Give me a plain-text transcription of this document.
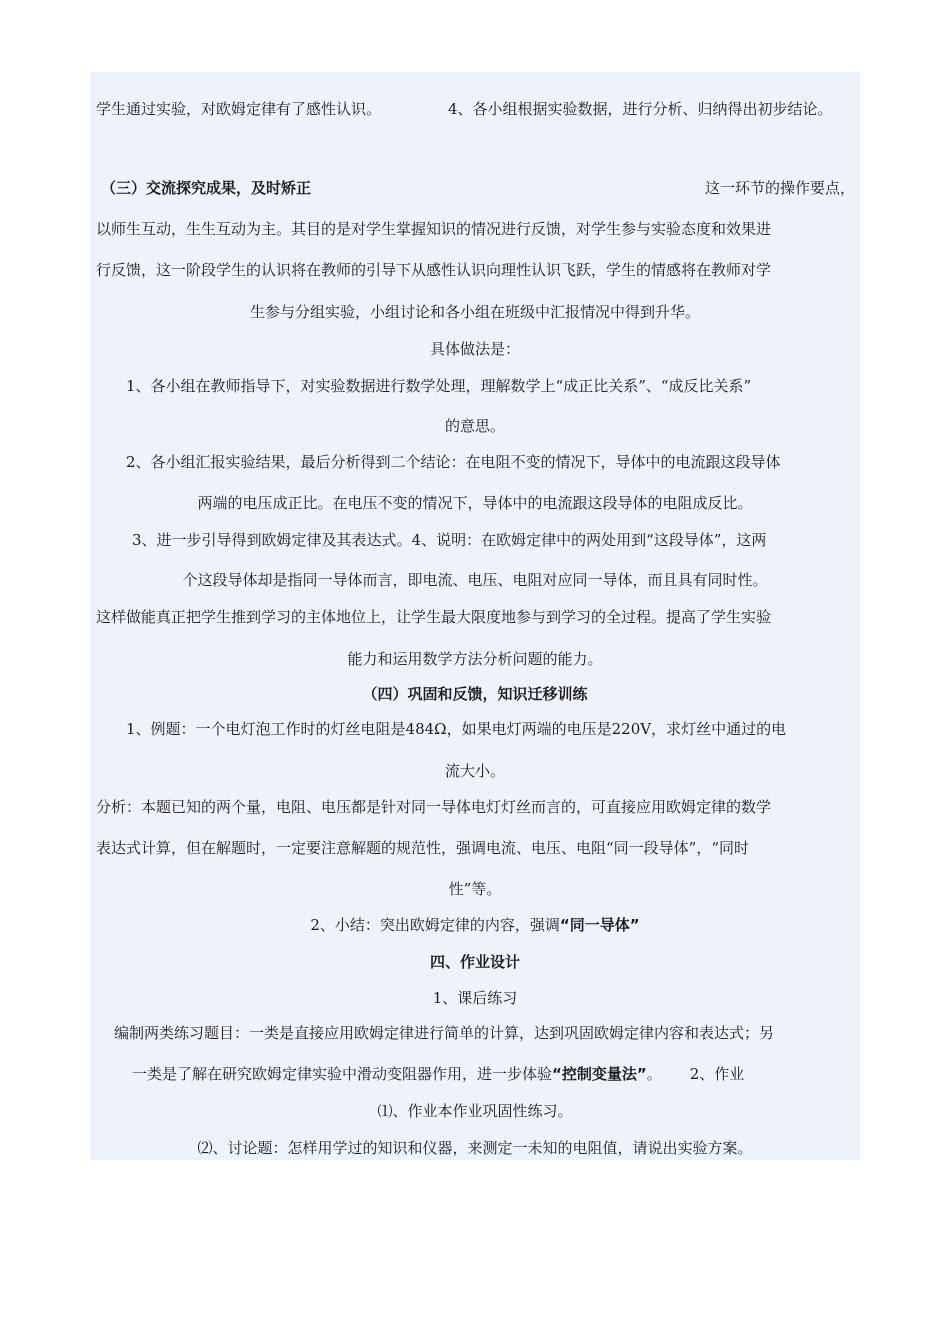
学生通过实验，对欧姆定律有了感性认识。	4、各小组根据实验数据，进行分析、归纳得出初步结论。
（三）交流探究成果，及时矫正	这一环节的操作要点，
以师生互动，生生互动为主。其目的是对学生掌握知识的情况进行反馈，对学生参与实验态度和效果进
行反馈，这一阶段学生的认识将在教师的引导下从感性认识向理性认识飞跃，学生的情感将在教师对学
生参与分组实验，小组讨论和各小组在班级中汇报情况中得到升华。
具体做法是：
1、各小组在教师指导下，对实验数据进行数学处理，理解数学上“成正比关系”、“成反比关系”
的意思。
2、各小组汇报实验结果，最后分析得到二个结论：在电阻不变的情况下，导体中的电流跟这段导体
两端的电压成正比。在电压不变的情况下，导体中的电流跟这段导体的电阻成反比。
3、进一步引导得到欧姆定律及其表达式。4、说明：在欧姆定律中的两处用到“这段导体”，这两
个这段导体却是指同一导体而言，即电流、电压、电阻对应同一导体，而且具有同时性。
这样做能真正把学生推到学习的主体地位上，让学生最大限度地参与到学习的全过程。提高了学生实验
能力和运用数学方法分析问题的能力。
（四）巩固和反馈，知识迁移训练
1、例题：一个电灯泡工作时的灯丝电阻是484Ω，如果电灯两端的电压是220V，求灯丝中通过的电
流大小。
分析：本题已知的两个量，电阻、电压都是针对同一导体电灯灯丝而言的，可直接应用欧姆定律的数学
表达式计算，但在解题时，一定要注意解题的规范性，强调电流、电压、电阻“同一段导体”，“同时
性”等。
2、小结：突出欧姆定律的内容，强调“同一导体”
四、作业设计
1、课后练习
编制两类练习题目：一类是直接应用欧姆定律进行简单的计算，达到巩固欧姆定律内容和表达式；另
一类是了解在研究欧姆定律实验中滑动变阻器作用，进一步体验“控制变量法”。 2、作业
⑴、作业本作业巩固性练习。
⑵、讨论题：怎样用学过的知识和仪器，来测定一未知的电阻值，请说出实验方案。
